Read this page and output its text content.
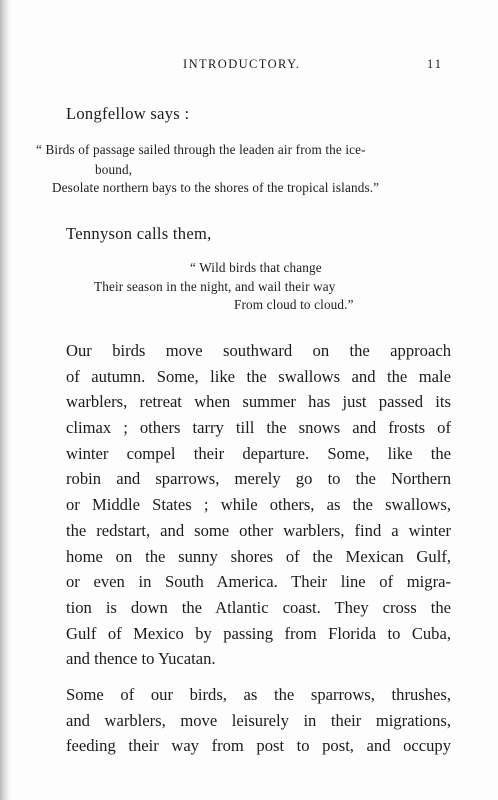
INTRODUCTORY.	11
Longfellow says :
“ Birds of passage sailed through the leaden air from the ice-
bound,
Desolate northern bays to the shores of the tropical islands.”
Tennyson calls them,
“ Wild birds that change
Their season in the night, and wail their way
From cloud to cloud.”
Our birds move southward on the approach
of autumn. Some, like the swallows and the male
warblers, retreat when summer has just passed its
climax ; others tarry till the snows and frosts of
winter compel their departure. Some, like the
robin and sparrows, merely go to the Northern
or Middle States ; while others, as the swallows,
the redstart, and some other warblers, find a winter
home on the sunny shores of the Mexican Gulf,
or even in South America. Their line of migra-
tion is down the Atlantic coast. They cross the
Gulf of Mexico by passing from Florida to Cuba,
and thence to Yucatan.
Some of our birds, as the sparrows, thrushes,
and warblers, move leisurely in their migrations,
feeding their way from post to post, and occupy
